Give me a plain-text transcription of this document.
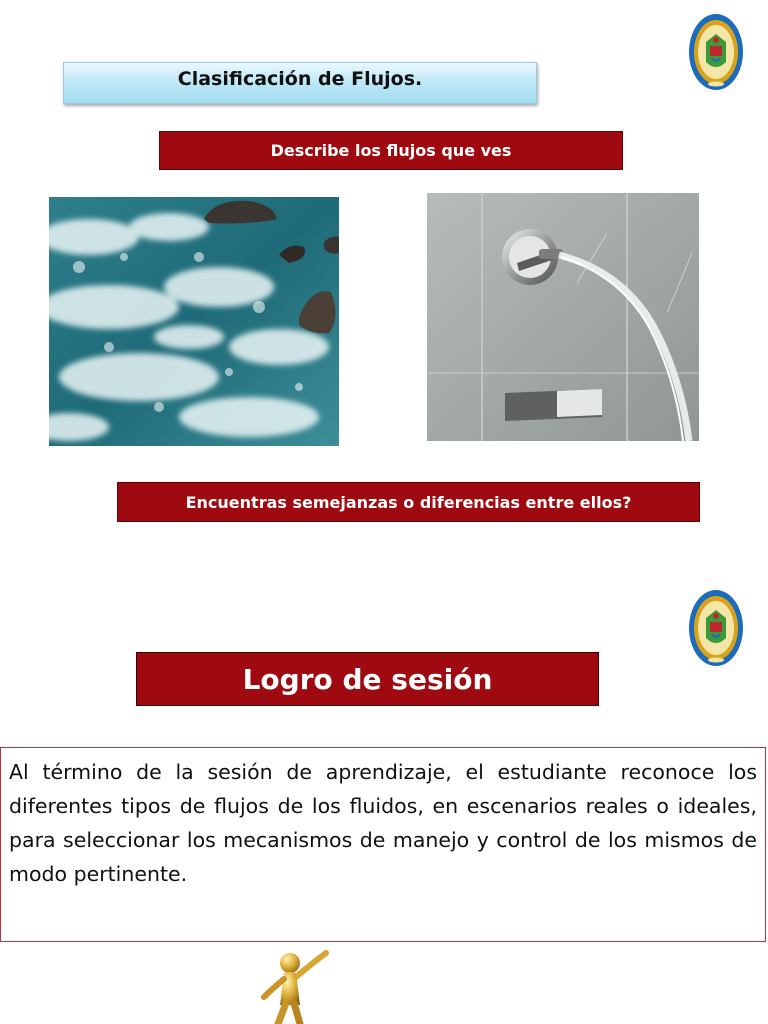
Clasificación de Flujos.
Describe los flujos que ves
Encuentras semejanzas o diferencias entre ellos?
Logro de sesión

Al término de la sesión de aprendizaje, el estudiante reconoce los diferentes tipos de flujos de los fluidos, en escenarios reales o ideales, para seleccionar los mecanismos de manejo y control de los mismos de modo pertinente.
